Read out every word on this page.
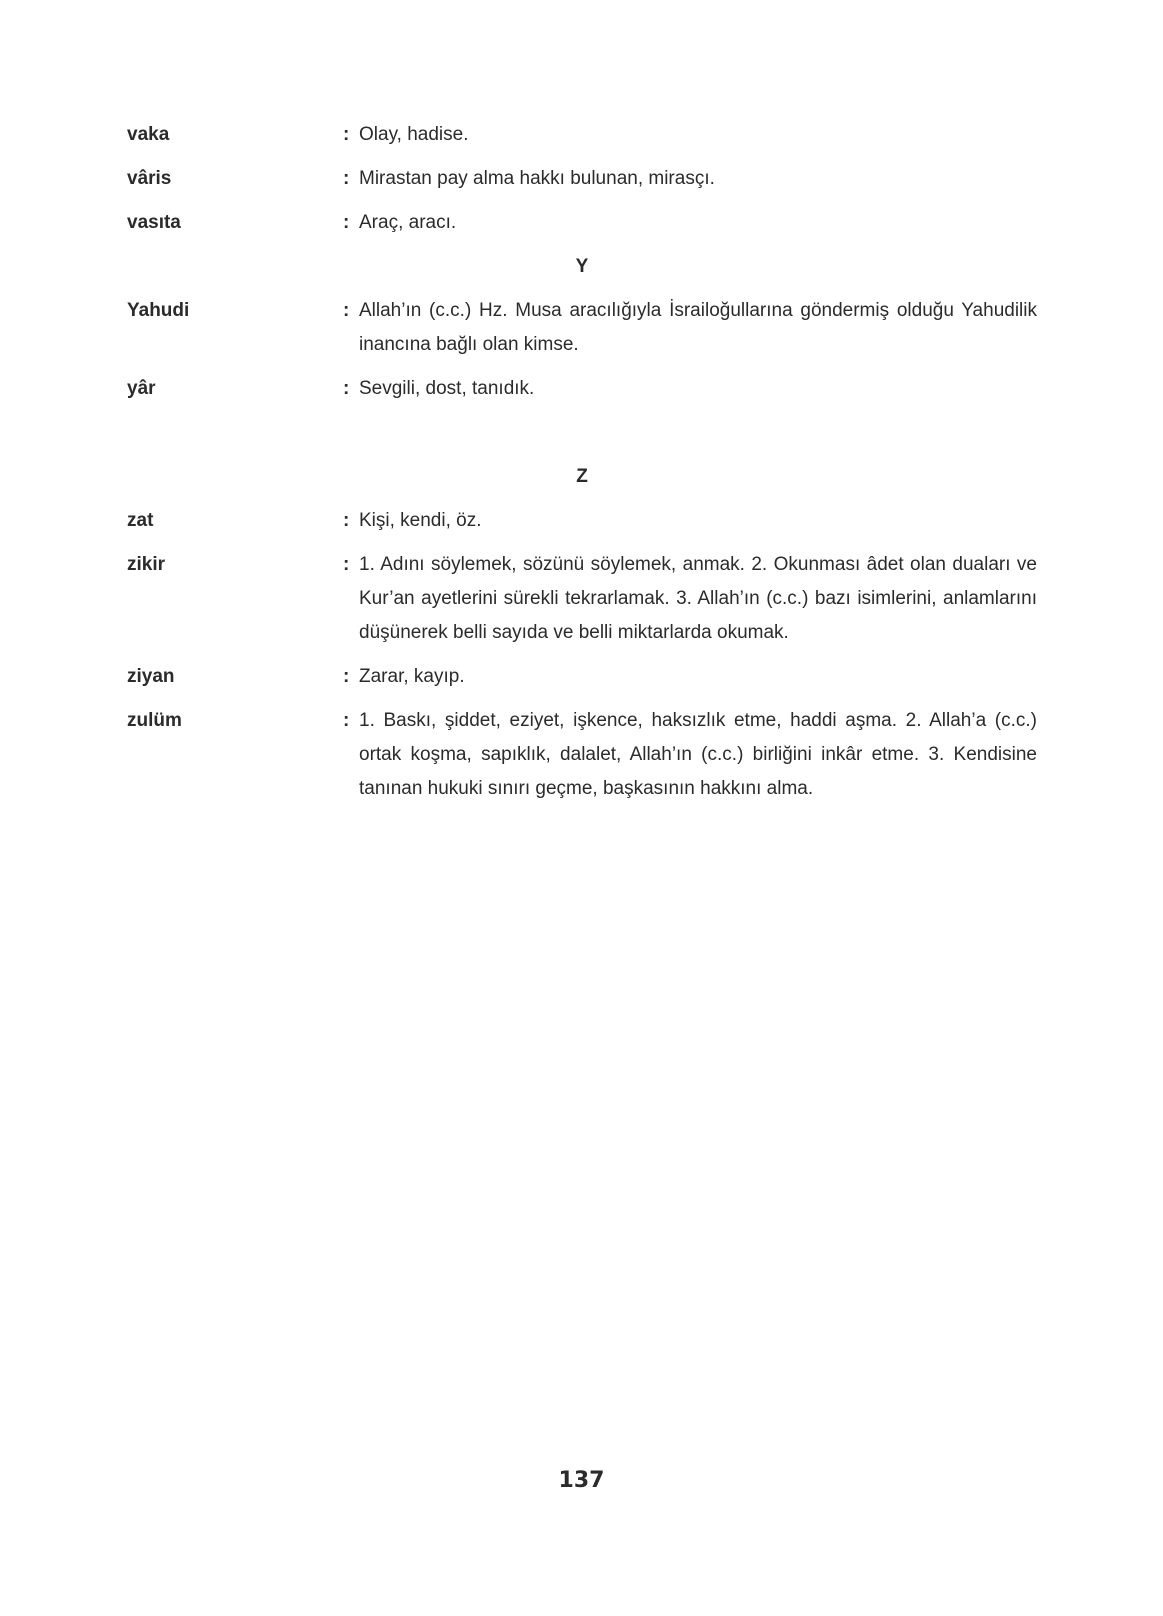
vaka	: Olay, hadise.
vâris	: Mirastan pay alma hakkı bulunan, mirasçı.
vasıta	: Araç, aracı.
Y
Yahudi	: Allah’ın (c.c.) Hz. Musa aracılığıyla İsrailoğullarına göndermiş olduğu Yahudilik inancına bağlı olan kimse.
yâr	: Sevgili, dost, tanıdık.
Z
zat	: Kişi, kendi, öz.
zikir	: 1. Adını söylemek, sözünü söylemek, anmak. 2. Okunması âdet olan duaları ve Kur’an ayetlerini sürekli tekrarlamak. 3. Allah’ın (c.c.) bazı isimlerini, anlamlarını düşünerek belli sayıda ve belli miktarlarda okumak.
ziyan	: Zarar, kayıp.
zulüm	: 1. Baskı, şiddet, eziyet, işkence, haksızlık etme, haddi aşma. 2. Allah’a (c.c.) ortak koşma, sapıklık, dalalet, Allah’ın (c.c.) birliğini inkâr etme. 3. Kendisine tanınan hukuki sınırı geçme, başkasının hakkını alma.
137
